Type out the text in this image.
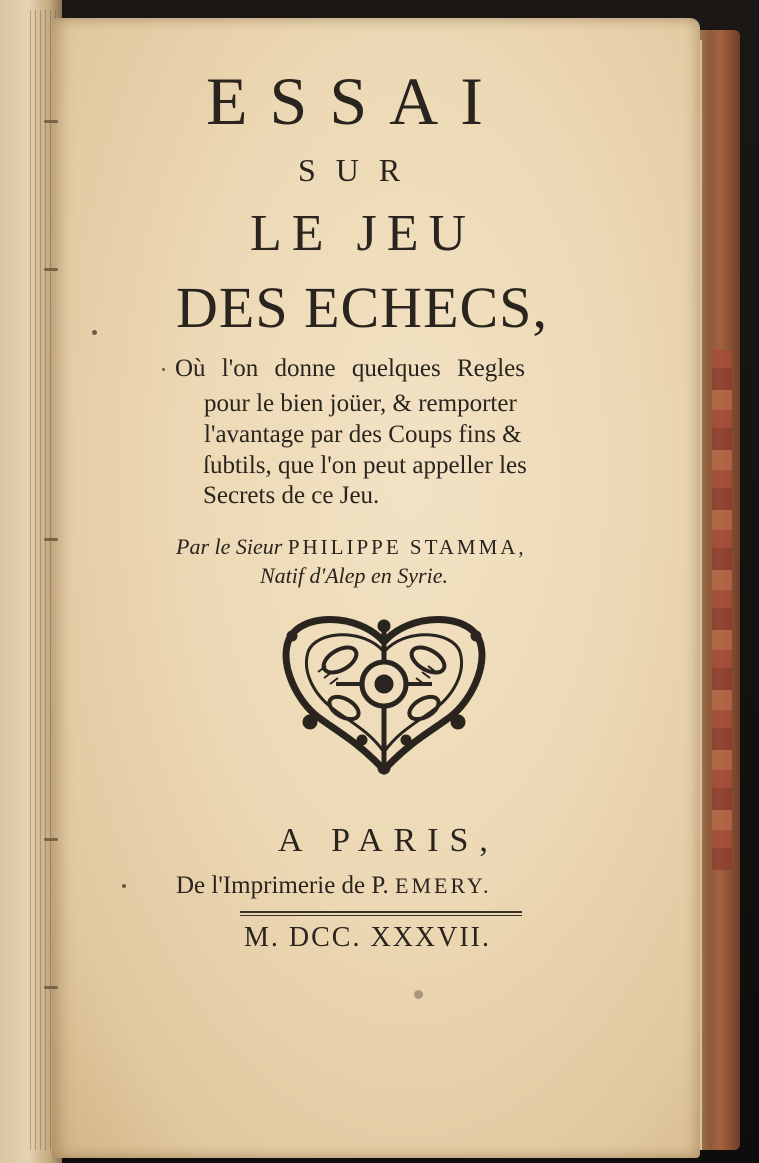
ESSAI
SUR
LE JEU
DES ECHECS,
Où l'on donne quelques Regles
pour le bien joüer, & remporter
l'avantage par des Coups fins &
ſubtils, que l'on peut appeller les
Secrets de ce Jeu.
Par le Sieur PHILIPPE STAMMA,
Natif d'Alep en Syrie.
A PARIS,
De l'Imprimerie de P. EMERY.
M. DCC. XXXVII.
